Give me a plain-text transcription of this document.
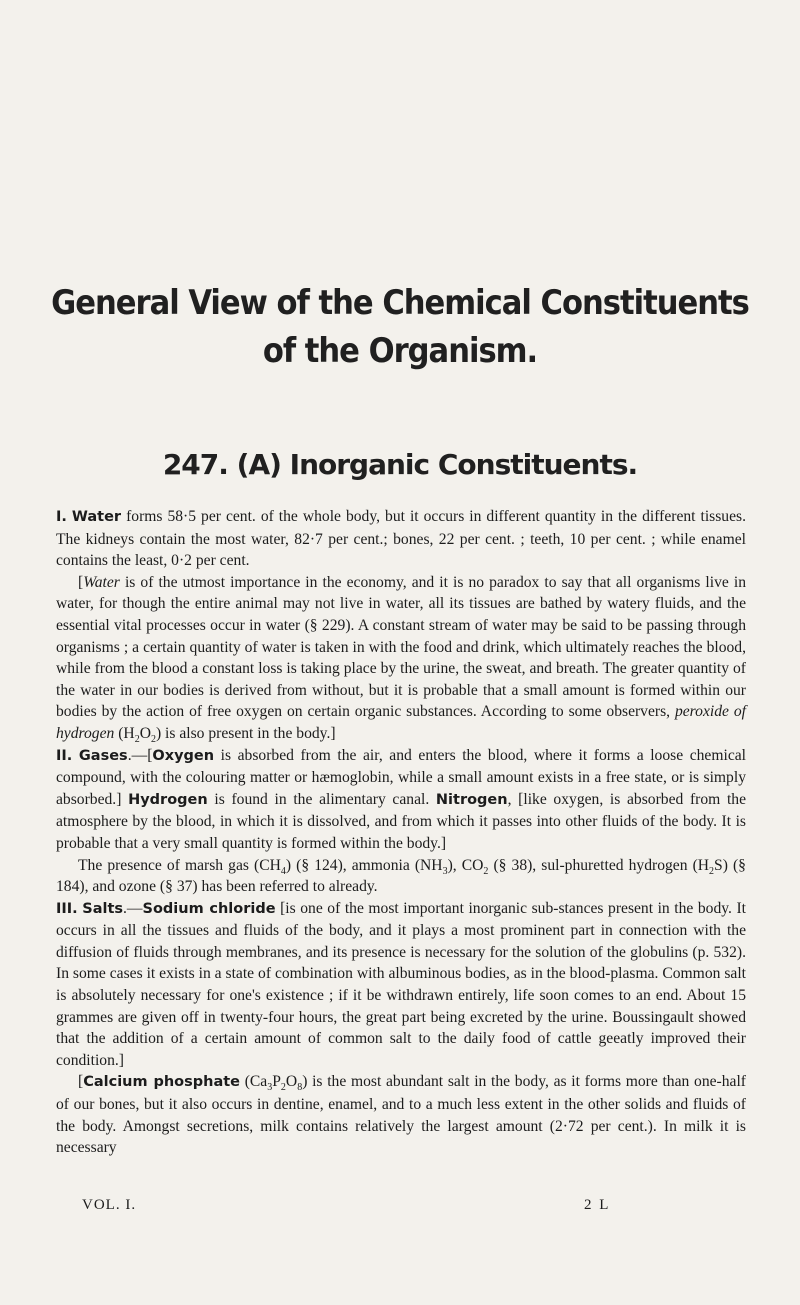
General View of the Chemical Constituents
of the Organism.
247. (A) Inorganic Constituents.

I. Water forms 58·5 per cent. of the whole body, but it occurs in different quantity in the different tissues. The kidneys contain the most water, 82·7 per cent.; bones, 22 per cent. ; teeth, 10 per cent. ; while enamel contains the least, 0·2 per cent.

[Water is of the utmost importance in the economy, and it is no paradox to say that all organisms live in water, for though the entire animal may not live in water, all its tissues are bathed by watery fluids, and the essential vital processes occur in water (§ 229). A constant stream of water may be said to be passing through organisms ; a certain quantity of water is taken in with the food and drink, which ultimately reaches the blood, while from the blood a constant loss is taking place by the urine, the sweat, and breath. The greater quantity of the water in our bodies is derived from without, but it is probable that a small amount is formed within our bodies by the action of free oxygen on certain organic substances. According to some observers, peroxide of hydrogen $(H_2O_2)$ is also present in the body.]

II. Gases.—[Oxygen is absorbed from the air, and enters the blood, where it forms a loose chemical compound, with the colouring matter or hæmoglobin, while a small amount exists in a free state, or is simply absorbed.] Hydrogen is found in the alimentary canal. Nitrogen, [like oxygen, is absorbed from the atmosphere by the blood, in which it is dissolved, and from which it passes into other fluids of the body. It is probable that a very small quantity is formed within the body.]

The presence of marsh gas $(CH_4)$ (§ 124), ammonia $(NH_3)$, $CO_2$ (§ 38), sul-phuretted hydrogen $(H_2S)$ (§ 184), and ozone (§ 37) has been referred to already.

III. Salts.—Sodium chloride [is one of the most important inorganic sub-stances present in the body. It occurs in all the tissues and fluids of the body, and it plays a most prominent part in connection with the diffusion of fluids through membranes, and its presence is necessary for the solution of the globulins (p. 532). In some cases it exists in a state of combination with albuminous bodies, as in the blood-plasma. Common salt is absolutely necessary for one's existence ; if it be withdrawn entirely, life soon comes to an end. About 15 grammes are given off in twenty-four hours, the great part being excreted by the urine. Boussingault showed that the addition of a certain amount of common salt to the daily food of cattle geeatly improved their condition.]

[Calcium phosphate $(Ca_3P_2O_8)$ is the most abundant salt in the body, as it forms more than one-half of our bones, but it also occurs in dentine, enamel, and to a much less extent in the other solids and fluids of the body. Amongst secretions, milk contains relatively the largest amount (2·72 per cent.). In milk it is necessary

VOL. I.	2 L
